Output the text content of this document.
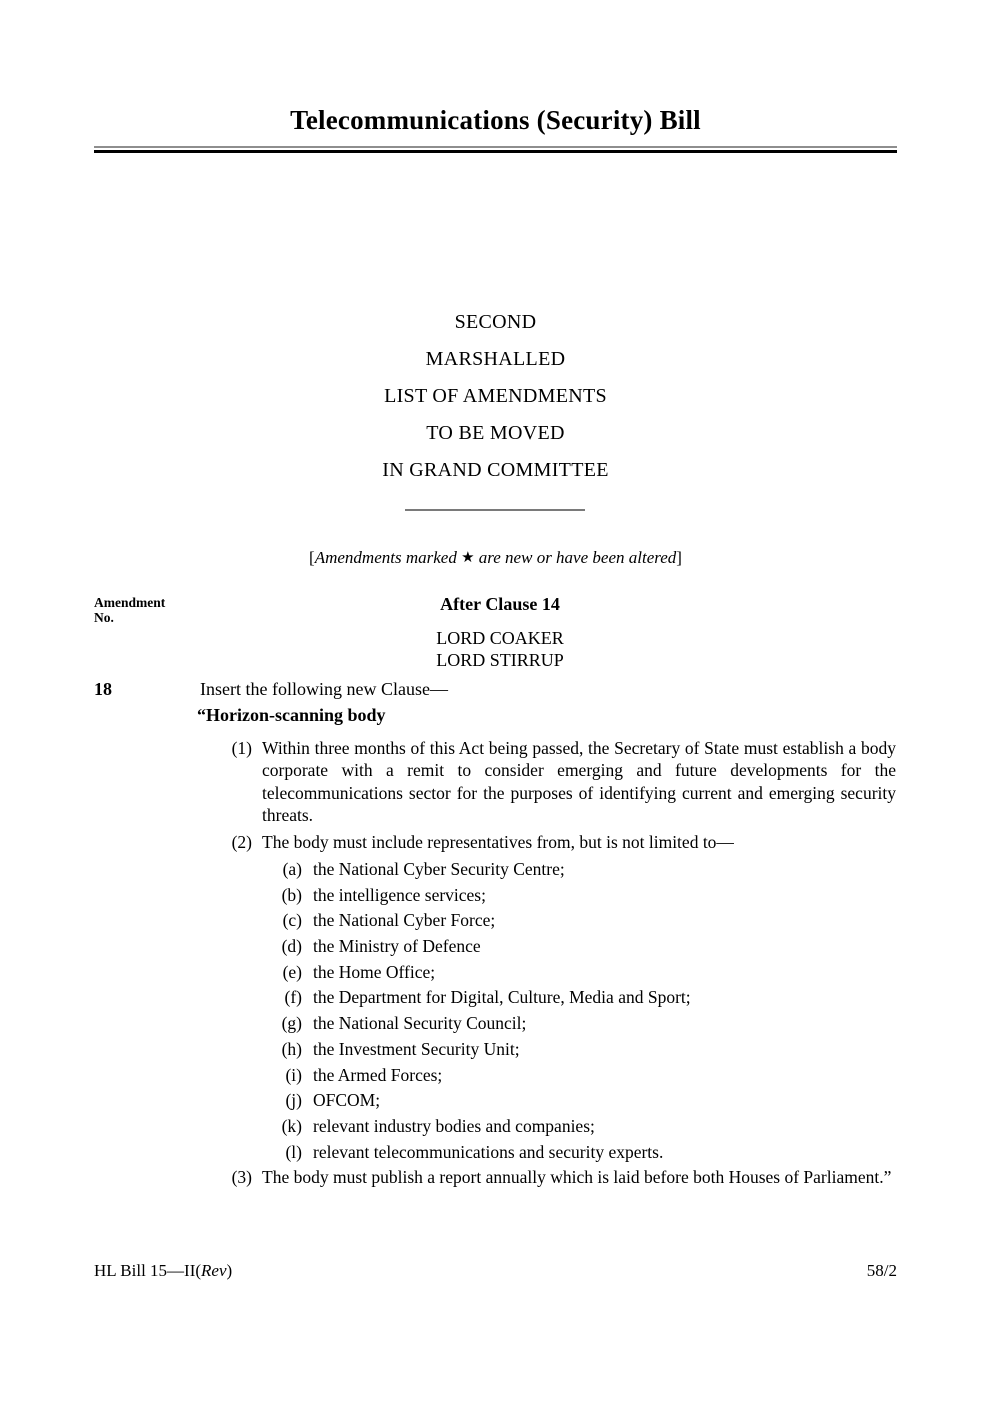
Telecommunications (Security) Bill
SECOND
MARSHALLED
LIST OF AMENDMENTS
TO BE MOVED
IN GRAND COMMITTEE
[Amendments marked ★ are new or have been altered]
Amendment
No.
After Clause 14
LORD COAKER
LORD STIRRUP
18	Insert the following new Clause—
“Horizon-scanning body
(1) Within three months of this Act being passed, the Secretary of State must establish a body corporate with a remit to consider emerging and future developments for the telecommunications sector for the purposes of identifying current and emerging security threats.
(2) The body must include representatives from, but is not limited to—
(a) the National Cyber Security Centre;
(b) the intelligence services;
(c) the National Cyber Force;
(d) the Ministry of Defence
(e) the Home Office;
(f) the Department for Digital, Culture, Media and Sport;
(g) the National Security Council;
(h) the Investment Security Unit;
(i) the Armed Forces;
(j) OFCOM;
(k) relevant industry bodies and companies;
(l) relevant telecommunications and security experts.
(3) The body must publish a report annually which is laid before both Houses of Parliament.”
HL Bill 15—II(Rev)	58/2
